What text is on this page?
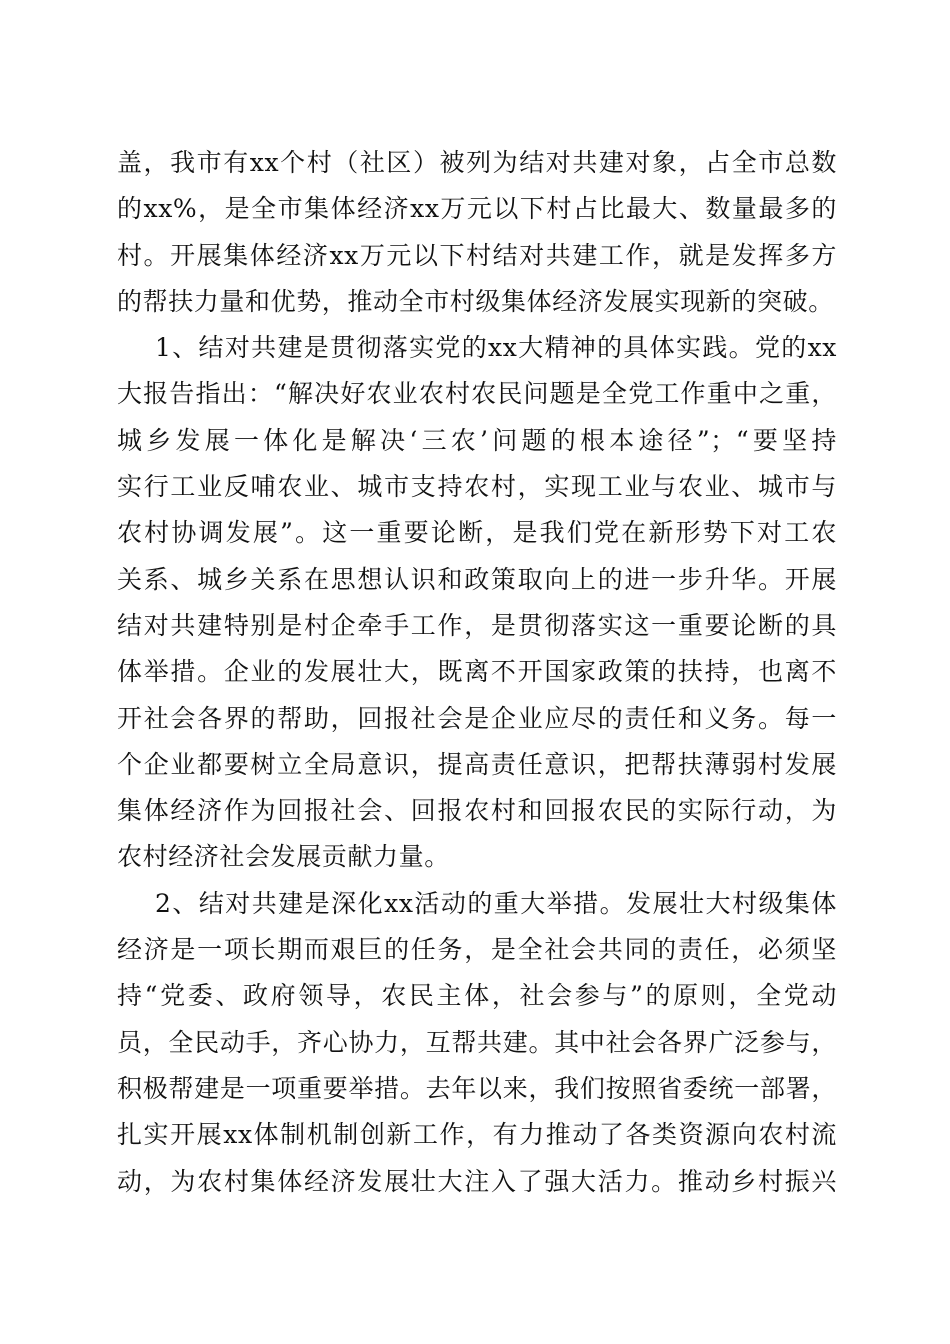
盖，我市有xx个村（社区）被列为结对共建对象，占全市总数
的xx%，是全市集体经济xx万元以下村占比最大、数量最多的
村。开展集体经济xx万元以下村结对共建工作，就是发挥多方
的帮扶力量和优势，推动全市村级集体经济发展实现新的突破。
1、结对共建是贯彻落实党的xx大精神的具体实践。党的xx
大报告指出：“解决好农业农村农民问题是全党工作重中之重，
城乡发展一体化是解决‘三农’问题的根本途径”；“要坚持
实行工业反哺农业、城市支持农村，实现工业与农业、城市与
农村协调发展”。这一重要论断，是我们党在新形势下对工农
关系、城乡关系在思想认识和政策取向上的进一步升华。开展
结对共建特别是村企牵手工作，是贯彻落实这一重要论断的具
体举措。企业的发展壮大，既离不开国家政策的扶持，也离不
开社会各界的帮助，回报社会是企业应尽的责任和义务。每一
个企业都要树立全局意识，提高责任意识，把帮扶薄弱村发展
集体经济作为回报社会、回报农村和回报农民的实际行动，为
农村经济社会发展贡献力量。
2、结对共建是深化xx活动的重大举措。发展壮大村级集体
经济是一项长期而艰巨的任务，是全社会共同的责任，必须坚
持“党委、政府领导，农民主体，社会参与”的原则，全党动
员，全民动手，齐心协力，互帮共建。其中社会各界广泛参与，
积极帮建是一项重要举措。去年以来，我们按照省委统一部署，
扎实开展xx体制机制创新工作，有力推动了各类资源向农村流
动，为农村集体经济发展壮大注入了强大活力。推动乡村振兴
